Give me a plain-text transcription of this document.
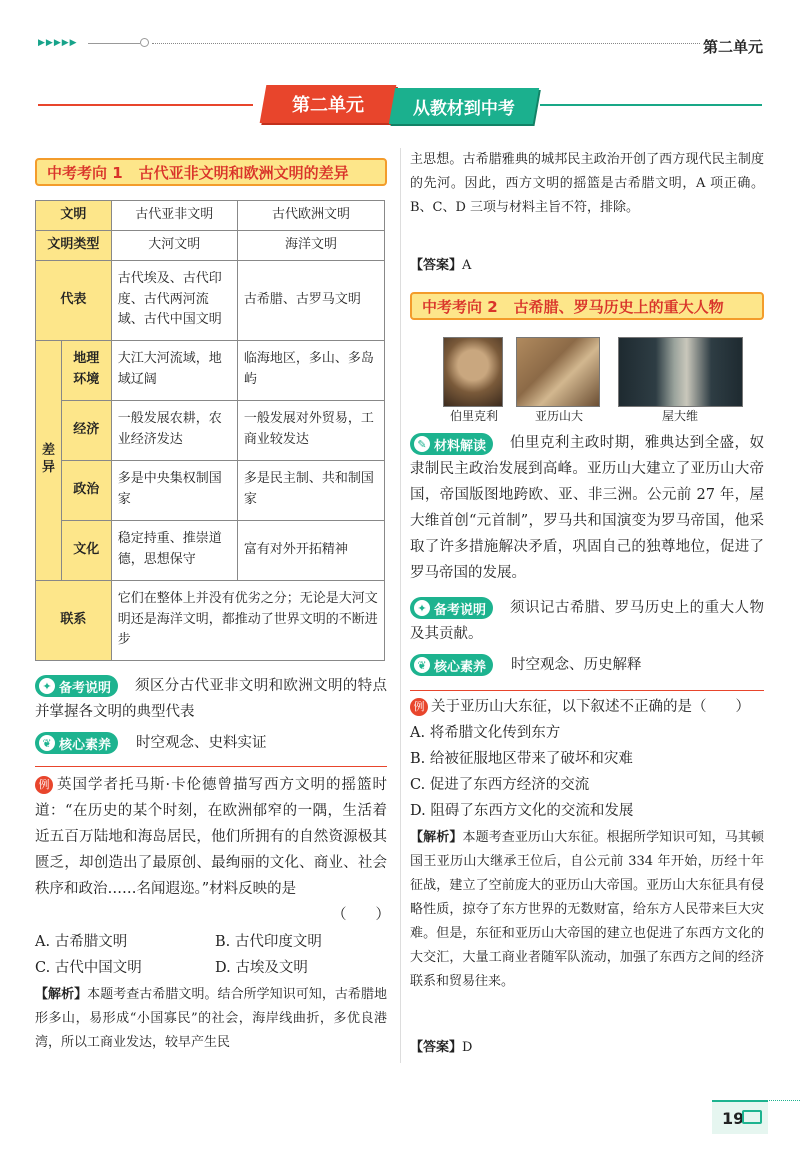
▶▶▶▶▶	第二单元
第二单元	从教材到中考
中考考向 1 古代亚非文明和欧洲文明的差异
文明		古代亚非文明	古代欧洲文明
文明类型		大河文明	海洋文明
代表		古代埃及、古代印度、古代两河流域、古代中国文明	古希腊、古罗马文明
差异	地理环境	大江大河流域，地域辽阔	临海地区，多山、多岛屿
	经济	一般发展农耕，农业经济发达	一般发展对外贸易，工商业较发达
	政治	多是中央集权制国家	多是民主制、共和制国家
	文化	稳定持重、推崇道德，思想保守	富有对外开拓精神
联系		它们在整体上并没有优劣之分；无论是大河文明还是海洋文明，都推动了世界文明的不断进步	
✦ 备考说明	须区分古代亚非文明和欧洲文明的特点并掌握各文明的典型代表
❦ 核心素养 时空观念、史料实证
例 英国学者托马斯·卡伦德曾描写西方文明的摇篮时道：“在历史的某个时刻，在欧洲郁窄的一隅，生活着近五百万陆地和海岛居民，他们所拥有的自然资源极其匮乏，却创造出了最原创、最绚丽的文化、商业、社会秩序和政治……名闻遐迩。”材料反映的是
（　　）
A. 古希腊文明	B. 古代印度文明
C. 古代中国文明	D. 古埃及文明
【解析】本题考查古希腊文明。结合所学知识可知，古希腊地形多山，易形成“小国寡民”的社会，海岸线曲折，多优良港湾，所以工商业发达，较早产生民
主思想。古希腊雅典的城邦民主政治开创了西方现代民主制度的先河。因此，西方文明的摇篮是古希腊文明，A 项正确。B、C、D 三项与材料主旨不符，排除。
【答案】A
中考考向 2 古希腊、罗马历史上的重大人物
伯里克利	亚历山大	屋大维
✎ 材料解读	伯里克利主政时期，雅典达到全盛，奴隶制民主政治发展到高峰。亚历山大建立了亚历山大帝国，帝国版图地跨欧、亚、非三洲。公元前 27 年，屋大维首创“元首制”，罗马共和国演变为罗马帝国，他采取了许多措施解决矛盾，巩固自己的独尊地位，促进了罗马帝国的发展。
✦ 备考说明	须识记古希腊、罗马历史上的重大人物及其贡献。
❦ 核心素养 时空观念、历史解释
例 关于亚历山大东征，以下叙述不正确的是（　　）
A. 将希腊文化传到东方
B. 给被征服地区带来了破坏和灾难
C. 促进了东西方经济的交流
D. 阻碍了东西方文化的交流和发展
【解析】本题考查亚历山大东征。根据所学知识可知，马其顿国王亚历山大继承王位后，自公元前 334 年开始，历经十年征战，建立了空前庞大的亚历山大帝国。亚历山大东征具有侵略性质，掠夺了东方世界的无数财富，给东方人民带来巨大灾难。但是，东征和亚历山大帝国的建立也促进了东西方文化的大交汇，大量工商业者随军队流动，加强了东西方之间的经济联系和贸易往来。
【答案】D
19
